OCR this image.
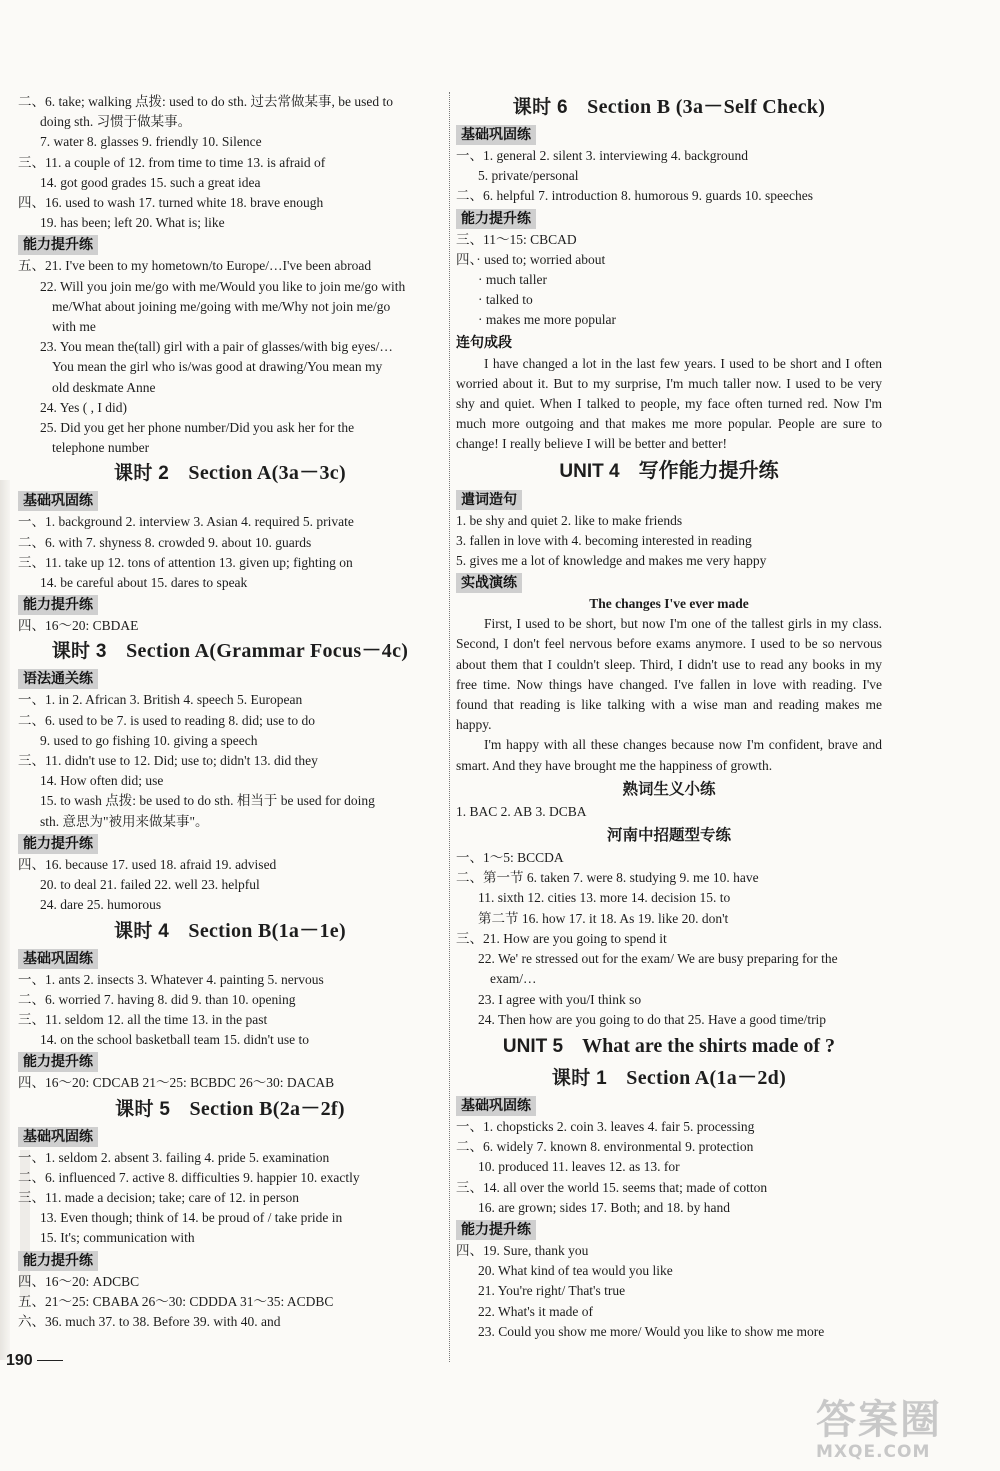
二、6. take; walking 点拨: used to do sth. 过去常做某事, be used to
doing sth. 习惯于做某事。
7. water 8. glasses 9. friendly 10. Silence
三、11. a couple of 12. from time to time 13. is afraid of
14. got good grades 15. such a great idea
四、16. used to wash 17. turned white 18. brave enough
19. has been; left 20. What is; like
能力提升练
五、21. I've been to my hometown/to Europe/…I've been abroad
22. Will you join me/go with me/Would you like to join me/go with
me/What about joining me/going with me/Why not join me/go
with me
23. You mean the(tall) girl with a pair of glasses/with big eyes/…
You mean the girl who is/was good at drawing/You mean my
old deskmate Anne
24. Yes ( , I did)
25. Did you get her phone number/Did you ask her for the
telephone number
课时 2  Section A(3a－3c)
基础巩固练
一、1. background 2. interview 3. Asian 4. required 5. private
二、6. with 7. shyness 8. crowded 9. about 10. guards
三、11. take up 12. tons of attention 13. given up; fighting on
14. be careful about 15. dares to speak
能力提升练
四、16～20: CBDAE
课时 3  Section A(Grammar Focus－4c)
语法通关练
一、1. in 2. African 3. British 4. speech 5. European
二、6. used to be 7. is used to reading 8. did; use to do
9. used to go fishing 10. giving a speech
三、11. didn't use to 12. Did; use to; didn't 13. did they
14. How often did; use
15. to wash 点拨: be used to do sth. 相当于 be used for doing
sth. 意思为"被用来做某事"。
能力提升练
四、16. because 17. used 18. afraid 19. advised
20. to deal 21. failed 22. well 23. helpful
24. dare 25. humorous
课时 4  Section B(1a－1e)
基础巩固练
一、1. ants 2. insects 3. Whatever 4. painting 5. nervous
二、6. worried 7. having 8. did 9. than 10. opening
三、11. seldom 12. all the time 13. in the past
14. on the school basketball team 15. didn't use to
能力提升练
四、16～20: CDCAB 21～25: BCBDC 26～30: DACAB
课时 5  Section B(2a－2f)
基础巩固练
一、1. seldom 2. absent 3. failing 4. pride 5. examination
二、6. influenced 7. active 8. difficulties 9. happier 10. exactly
三、11. made a decision; take; care of 12. in person
13. Even though; think of 14. be proud of / take pride in
15. It's; communication with
能力提升练
四、16～20: ADCBC
五、21～25: CBABA 26～30: CDDDA 31～35: ACDBC
六、36. much 37. to 38. Before 39. with 40. and
课时 6  Section B (3a－Self Check)
基础巩固练
一、1. general 2. silent 3. interviewing 4. background
5. private/personal
二、6. helpful 7. introduction 8. humorous 9. guards 10. speeches
能力提升练
三、11～15: CBCAD
四、· used to; worried about
· much taller
· talked to
· makes me more popular
连句成段
I have changed a lot in the last few years. I used to be short and I often worried about it. But to my surprise, I'm much taller now. I used to be very shy and quiet. When I talked to people, my face often turned red. Now I'm much more outgoing and that makes me more popular. People are sure to change! I really believe I will be better and better!
UNIT 4  写作能力提升练
遣词造句
1. be shy and quiet 2. like to make friends
3. fallen in love with 4. becoming interested in reading
5. gives me a lot of knowledge and makes me very happy
实战演练
The changes I've ever made
First, I used to be short, but now I'm one of the tallest girls in my class. Second, I don't feel nervous before exams anymore. I used to be so nervous about them that I couldn't sleep. Third, I didn't use to read any books in my free time. Now things have changed. I've fallen in love with reading. I've found that reading is like talking with a wise man and reading makes me happy.
I'm happy with all these changes because now I'm confident, brave and smart. And they have brought me the happiness of growth.
熟词生义小练
1. BAC 2. AB 3. DCBA
河南中招题型专练
一、1～5: BCCDA
二、第一节 6. taken 7. were 8. studying 9. me 10. have
11. sixth 12. cities 13. more 14. decision 15. to
第二节 16. how 17. it 18. As 19. like 20. don't
三、21. How are you going to spend it
22. We' re stressed out for the exam/ We are busy preparing for the
exam/…
23. I agree with you/I think so
24. Then how are you going to do that 25. Have a good time/trip
UNIT 5  What are the shirts made of ?
课时 1  Section A(1a－2d)
基础巩固练
一、1. chopsticks 2. coin 3. leaves 4. fair 5. processing
二、6. widely 7. known 8. environmental 9. protection
10. produced 11. leaves 12. as 13. for
三、14. all over the world 15. seems that; made of cotton
16. are grown; sides 17. Both; and 18. by hand
能力提升练
四、19. Sure, thank you
20. What kind of tea would you like
21. You're right/ That's true
22. What's it made of
23. Could you show me more/ Would you like to show me more
190
答案圈
MXQE.COM
